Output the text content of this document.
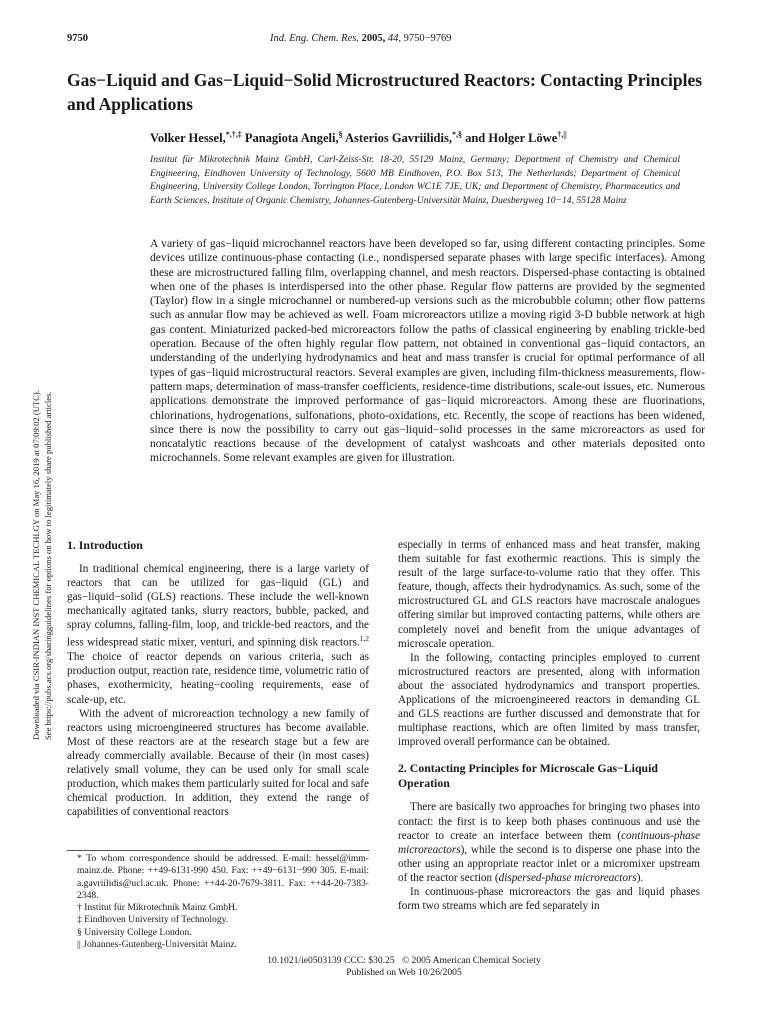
9750	Ind. Eng. Chem. Res. 2005, 44, 9750−9769
Gas−Liquid and Gas−Liquid−Solid Microstructured Reactors: Contacting Principles and Applications
Volker Hessel,*,†,‡ Panagiota Angeli,§ Asterios Gavriilidis,*,§ and Holger Löwe†,||

Institut für Mikrotechnik Mainz GmbH, Carl-Zeiss-Str. 18-20, 55129 Mainz, Germany; Department of Chemistry and Chemical Engineering, Eindhoven University of Technology, 5600 MB Eindhoven, P.O. Box 513, The Netherlands; Department of Chemical Engineering, University College London, Torrington Place, London WC1E 7JE, UK; and Department of Chemistry, Pharmaceutics and Earth Sciences, Institute of Organic Chemistry, Johannes-Gutenberg-Universität Mainz, Duesbergweg 10−14, 55128 Mainz

A variety of gas−liquid microchannel reactors have been developed so far, using different contacting principles. Some devices utilize continuous-phase contacting (i.e., nondispersed separate phases with large specific interfaces). Among these are microstructured falling film, overlapping channel, and mesh reactors. Dispersed-phase contacting is obtained when one of the phases is interdispersed into the other phase. Regular flow patterns are provided by the segmented (Taylor) flow in a single microchannel or numbered-up versions such as the microbubble column; other flow patterns such as annular flow may be achieved as well. Foam microreactors utilize a moving rigid 3-D bubble network at high gas content. Miniaturized packed-bed microreactors follow the paths of classical engineering by enabling trickle-bed operation. Because of the often highly regular flow pattern, not obtained in conventional gas−liquid contactors, an understanding of the underlying hydrodynamics and heat and mass transfer is crucial for optimal performance of all types of gas−liquid microstructural reactors. Several examples are given, including film-thickness measurements, flow-pattern maps, determination of mass-transfer coefficients, residence-time distributions, scale-out issues, etc. Numerous applications demonstrate the improved performance of gas−liquid microreactors. Among these are fluorinations, chlorinations, hydrogenations, sulfonations, photo-oxidations, etc. Recently, the scope of reactions has been widened, since there is now the possibility to carry out gas−liquid−solid processes in the same microreactors as used for noncatalytic reactions because of the development of catalyst washcoats and other materials deposited onto microchannels. Some relevant examples are given for illustration.

Downloaded via CSIR-INDIAN INST CHEMICAL TECHLGY on May 16, 2019 at 07:09:02 (UTC). See https://pubs.acs.org/sharingguidelines for options on how to legitimately share published articles. 1. Introduction

In traditional chemical engineering, there is a large variety of reactors that can be utilized for gas−liquid (GL) and gas−liquid−solid (GLS) reactions. These include the well-known mechanically agitated tanks, slurry reactors, bubble, packed, and spray columns, falling-film, loop, and trickle-bed reactors, and the less widespread static mixer, venturi, and spinning disk reactors.$^{1,2}$ The choice of reactor depends on various criteria, such as production output, reaction rate, residence time, volumetric ratio of phases, exothermicity, heating−cooling requirements, ease of scale-up, etc.

With the advent of microreaction technology a new family of reactors using microengineered structures has become available. Most of these reactors are at the research stage but a few are already commercially available. Because of their (in most cases) relatively small volume, they can be used only for small scale production, which makes them particularly suited for local and safe chemical production. In addition, they extend the range of capabilities of conventional reactors

* To whom correspondence should be addressed. E-mail: hessel@imm-mainz.de. Phone: ++49-6131-990 450. Fax: ++49−6131−990 305. E-mail: a.gavriilidis@ucl.ac.uk. Phone: ++44-20-7679-3811. Fax: ++44-20-7383-2348.

† Institut für Mikrotechnik Mainz GmbH.

‡ Eindhoven University of Technology.

§ University College London.

|| Johannes-Gutenberg-Universität Mainz.

especially in terms of enhanced mass and heat transfer, making them suitable for fast exothermic reactions. This is simply the result of the large surface-to-volume ratio that they offer. This feature, though, affects their hydrodynamics. As such, some of the microstructured GL and GLS reactors have macroscale analogues offering similar but improved contacting patterns, while others are completely novel and benefit from the unique advantages of microscale operation.

In the following, contacting principles employed to current microstructured reactors are presented, along with information about the associated hydrodynamics and transport properties. Applications of the microengineered reactors in demanding GL and GLS reactions are further discussed and demonstrate that for multiphase reactions, which are often limited by mass transfer, improved overall performance can be obtained.

2. Contacting Principles for Microscale Gas−Liquid Operation

There are basically two approaches for bringing two phases into contact: the first is to keep both phases continuous and use the reactor to create an interface between them (continuous-phase microreactors), while the second is to disperse one phase into the other using an appropriate reactor inlet or a micromixer upstream of the reactor section (dispersed-phase microreactors).

In continuous-phase microreactors the gas and liquid phases form two streams which are fed separately in

10.1021/ie0503139 CCC: $30.25   © 2005 American Chemical Society
Published on Web 10/26/2005
